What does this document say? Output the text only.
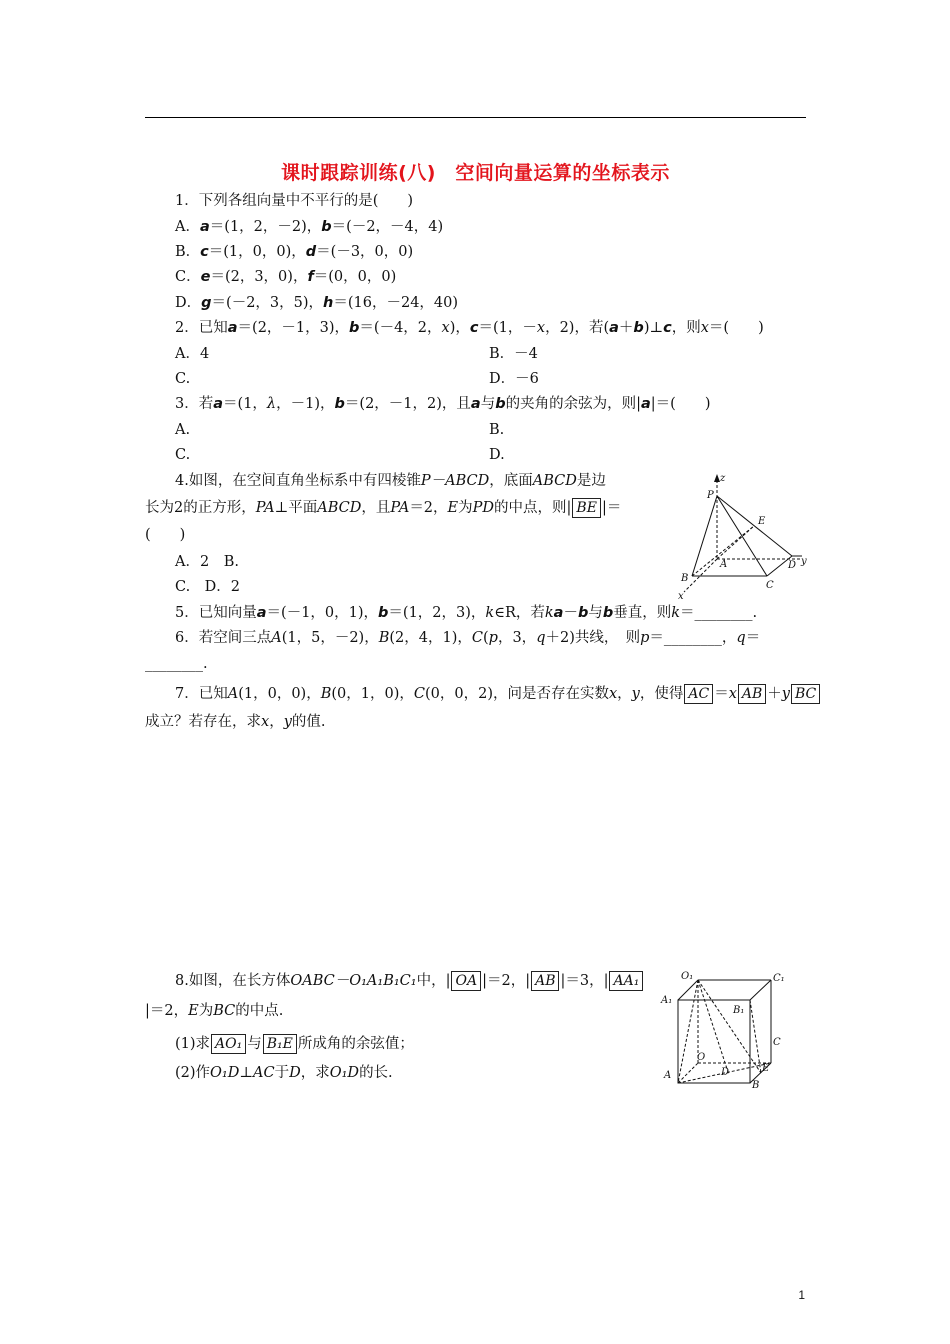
课时跟踪训练(八)　空间向量运算的坐标表示
1．下列各组向量中不平行的是(　　)
A．a＝(1，2，－2)，b＝(－2，－4，4)
B．c＝(1，0，0)，d＝(－3，0，0)
C．e＝(2，3，0)，f＝(0，0，0)
D．g＝(－2，3，5)，h＝(16，－24，40)
2．已知a＝(2，－1，3)，b＝(－4，2，x)，c＝(1，－x，2)，若(a＋b)⊥c，则x＝(　　)
A．4	B．－4
C.	D．－6
3．若a＝(1，λ，－1)，b＝(2，－1，2)，且a与b的夹角的余弦为，则|a|＝(　　)
A.	B.
C.	D.
4.如图，在空间直角坐标系中有四棱锥P－ABCD，底面ABCD是边
长为2的正方形，PA⊥平面ABCD，且PA＝2，E为PD的中点，则| BE |＝
(　　)
A．2　B.
C.　D．2
z
P
E
A	D y
B
C
x
5．已知向量a＝(－1，0，1)，b＝(1，2，3)，k∈R，若ka－b与b垂直，则k＝________.
6．若空间三点A(1，5，－2)，B(2，4，1)，C(p，3，q＋2)共线，　则p＝________，q＝
________.
7．已知A(1，0，0)，B(0，1，0)，C(0，0，2)，问是否存在实数x，y，使得 AC ＝x AB ＋y BC
成立？若存在，求x，y的值.
8.如图，在长方体OABC－O₁A₁B₁C₁中，| OA |＝2，| AB |＝3，| AA₁
|＝2，E为BC的中点.
(1)求 AO₁ 与 B₁E 所成角的余弦值；
(2)作O₁D⊥AC于D，求O₁D的长.
O₁	C₁
A₁
B₁
C
O
A	D	E
B
1
